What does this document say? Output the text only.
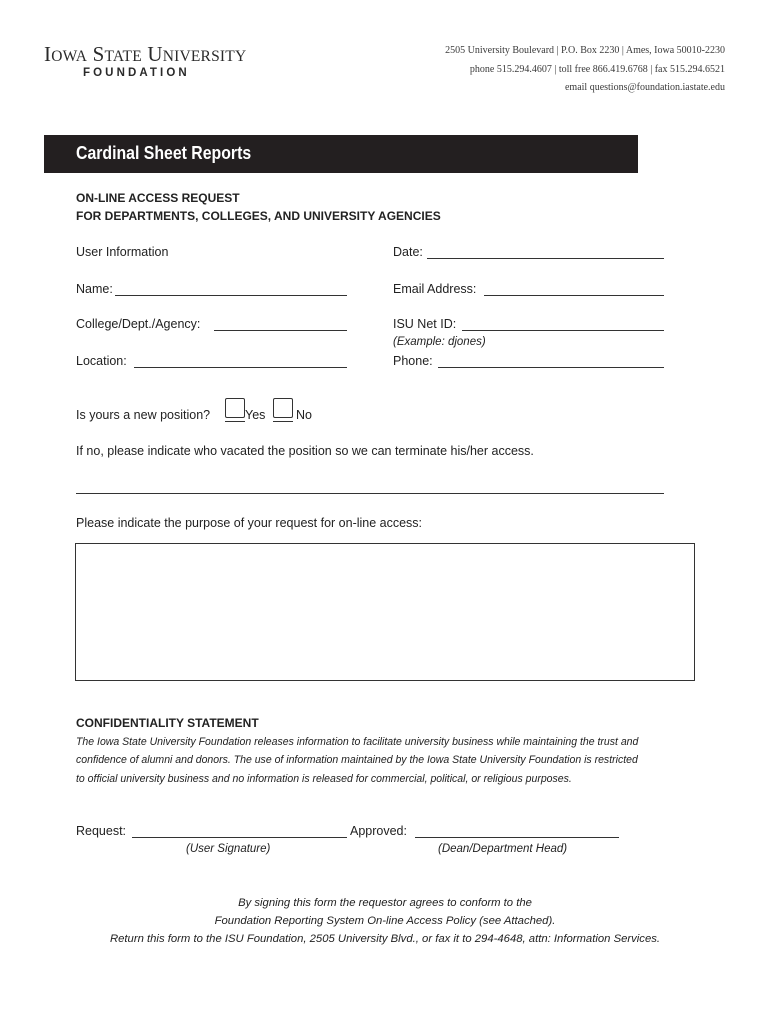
IOWA STATE UNIVERSITY
FOUNDATION
2505 University Boulevard | P.O. Box 2230 | Ames, Iowa 50010-2230
phone 515.294.4607 | toll free 866.419.6768 | fax 515.294.6521
email questions@foundation.iastate.edu
Cardinal Sheet Reports
ON-LINE ACCESS REQUEST
FOR DEPARTMENTS, COLLEGES, AND UNIVERSITY AGENCIES
User Information	Date:
Name:	Email Address:
College/Dept./Agency:	ISU Net ID:
(Example: djones)
Location:	Phone:
Is yours a new position?	Yes No
If no, please indicate who vacated the position so we can terminate his/her access.
Please indicate the purpose of your request for on-line access:
CONFIDENTIALITY STATEMENT
The Iowa State University Foundation releases information to facilitate university business while maintaining the trust and
confidence of alumni and donors. The use of information maintained by the Iowa State University Foundation is restricted
to official university business and no information is released for commercial, political, or religious purposes.
Request:	Approved:
(User Signature)	(Dean/Department Head)
By signing this form the requestor agrees to conform to the
Foundation Reporting System On-line Access Policy (see Attached).
Return this form to the ISU Foundation, 2505 University Blvd., or fax it to 294-4648, attn: Information Services.
